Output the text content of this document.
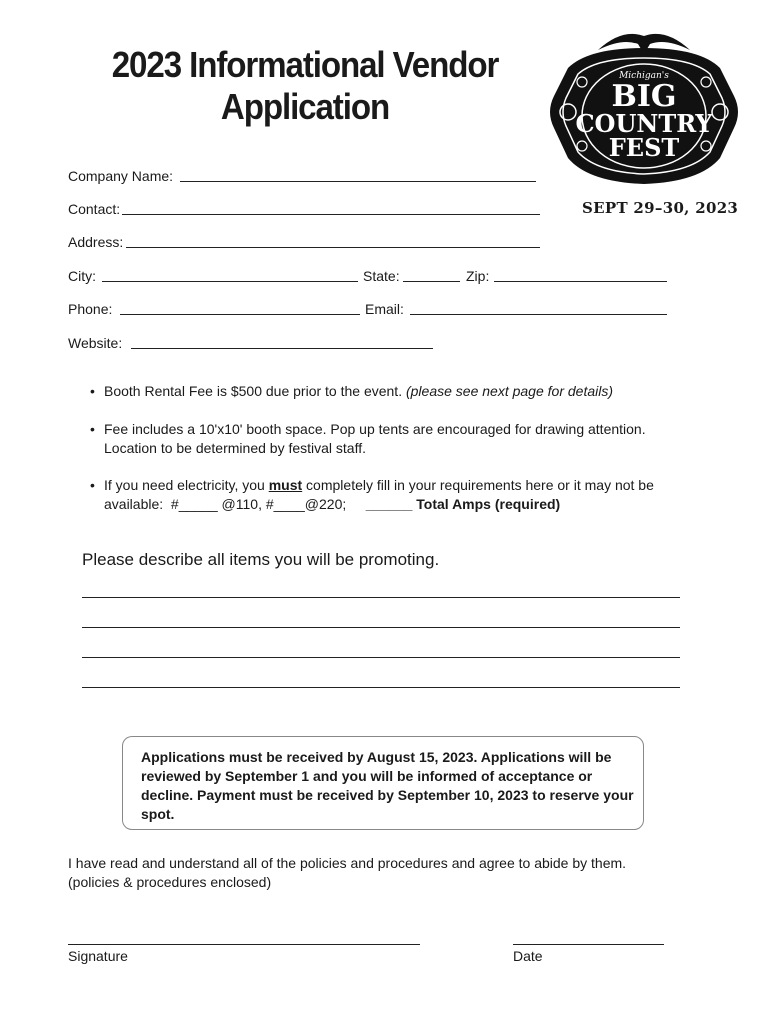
2023 Informational Vendor
Application
Michigan's
BIG
COUNTRY
FEST
SEPT 29–30, 2023
Company Name:
Contact:
Address:
City:	State:	Zip:
Phone:	Email:
Website:
• Booth Rental Fee is $500 due prior to the event. (please see next page for details)
• Fee includes a 10'x10' booth space. Pop up tents are encouraged for drawing attention.
Location to be determined by festival staff.
• If you need electricity, you must completely fill in your requirements here or it may not be
available:  #_____ @110, #____@220;     ______ Total Amps (required)
Please describe all items you will be promoting.

Applications must be received by August 15, 2023. Applications will be reviewed by September 1 and you will be informed of acceptance or decline. Payment must be received by September 10, 2023 to reserve your spot.

I have read and understand all of the policies and procedures and agree to abide by them.
(policies & procedures enclosed)
Signature	Date
